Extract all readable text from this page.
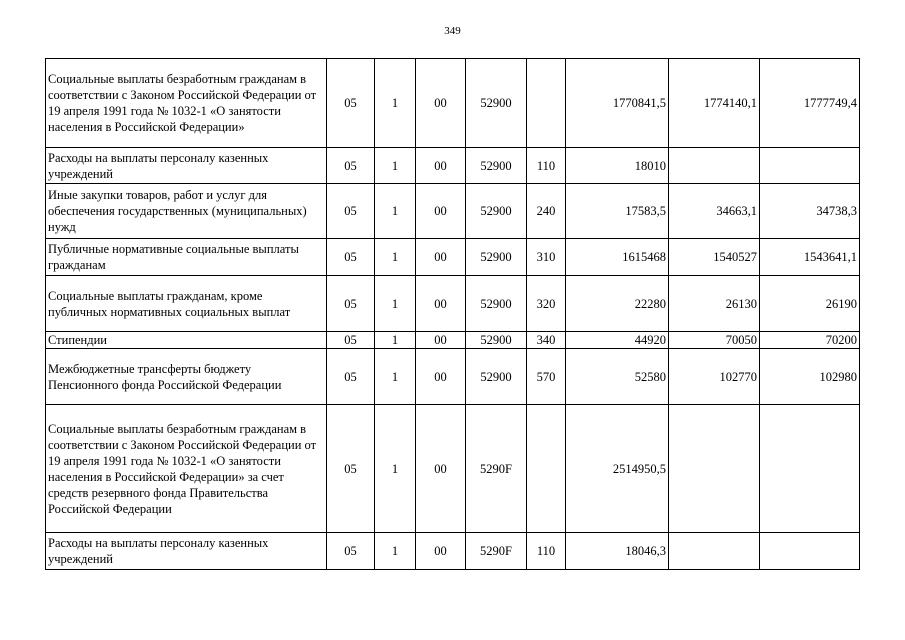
349
Социальные выплаты безработным гражданам в соответствии с Законом Российской Федерации от 19 апреля 1991 года № 1032-1 «О занятости населения в Российской Федерации»	05	1	00	52900		1770841,5	1774140,1	1777749,4
Расходы на выплаты персоналу казенных учреждений	05	1	00	52900	110	18010		
Иные закупки товаров, работ и услуг для обеспечения государственных (муниципальных) нужд	05	1	00	52900	240	17583,5	34663,1	34738,3
Публичные нормативные социальные выплаты гражданам	05	1	00	52900	310	1615468	1540527	1543641,1
Социальные выплаты гражданам, кроме публичных нормативных социальных выплат	05	1	00	52900	320	22280	26130	26190
Стипендии	05	1	00	52900	340	44920	70050	70200
Межбюджетные трансферты бюджету Пенсионного фонда Российской Федерации	05	1	00	52900	570	52580	102770	102980
Социальные выплаты безработным гражданам в соответствии с Законом Российской Федерации от 19 апреля 1991 года № 1032-1 «О занятости населения в Российской Федерации» за счет средств резервного фонда Правительства Российской Федерации	05	1	00	5290F		2514950,5		
Расходы на выплаты персоналу казенных учреждений	05	1	00	5290F	110	18046,3		
